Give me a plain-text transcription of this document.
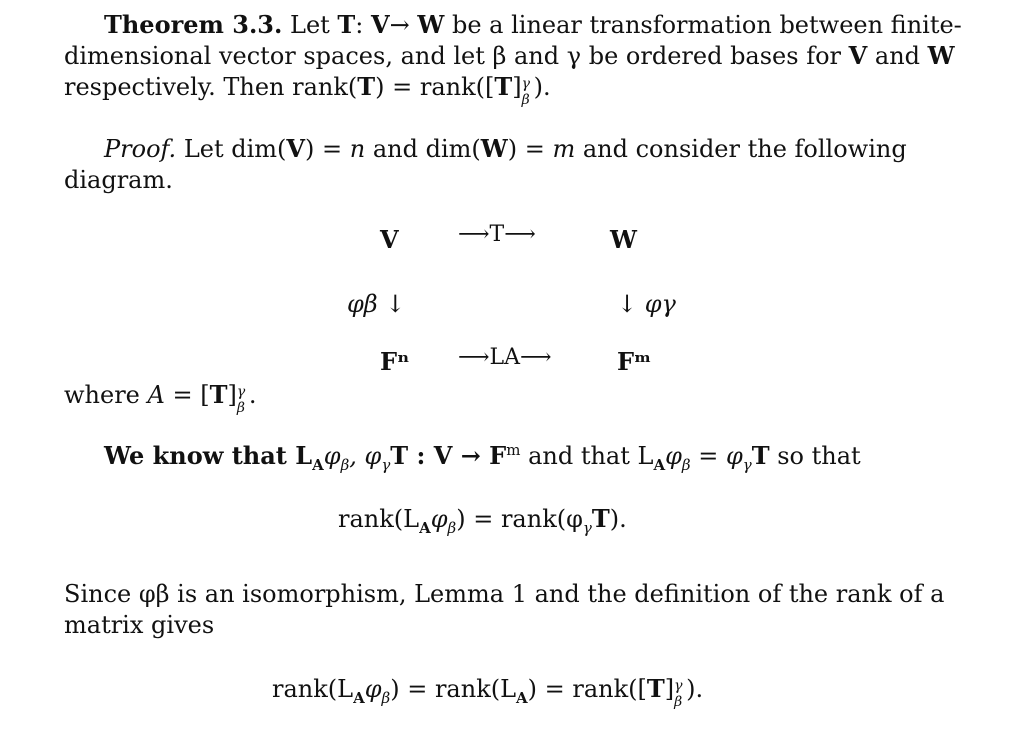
Theorem 3.3. Let T: V→ W be a linear transformation between finite-
dimensional vector spaces, and let β and γ be ordered bases for V and W
respectively. Then rank(T) = rank([T] γ
β ).
Proof. Let dim(V) = n and dim(W) = m and consider the following
diagram.
V	⟶T⟶	W
φβ ↓	↓ φγ
Fⁿ ⟶LA⟶	Fᵐ
where A = [T] γ
β .
We know that $L_A\varphi_\beta$, $\varphi_\gamma T$ : $V \to F^m$ and that $L_A\varphi_\beta = \varphi_\gamma T$ so that
$rank(L_A\varphi_\beta)$ = $rank(\varphi_\gamma T)$.
Since φβ is an isomorphism, Lemma 1 and the definition of the rank of a
matrix gives
$rank(L_A\varphi_\beta)$ = $rank(L_A)$ = rank([T] γ
β ).
